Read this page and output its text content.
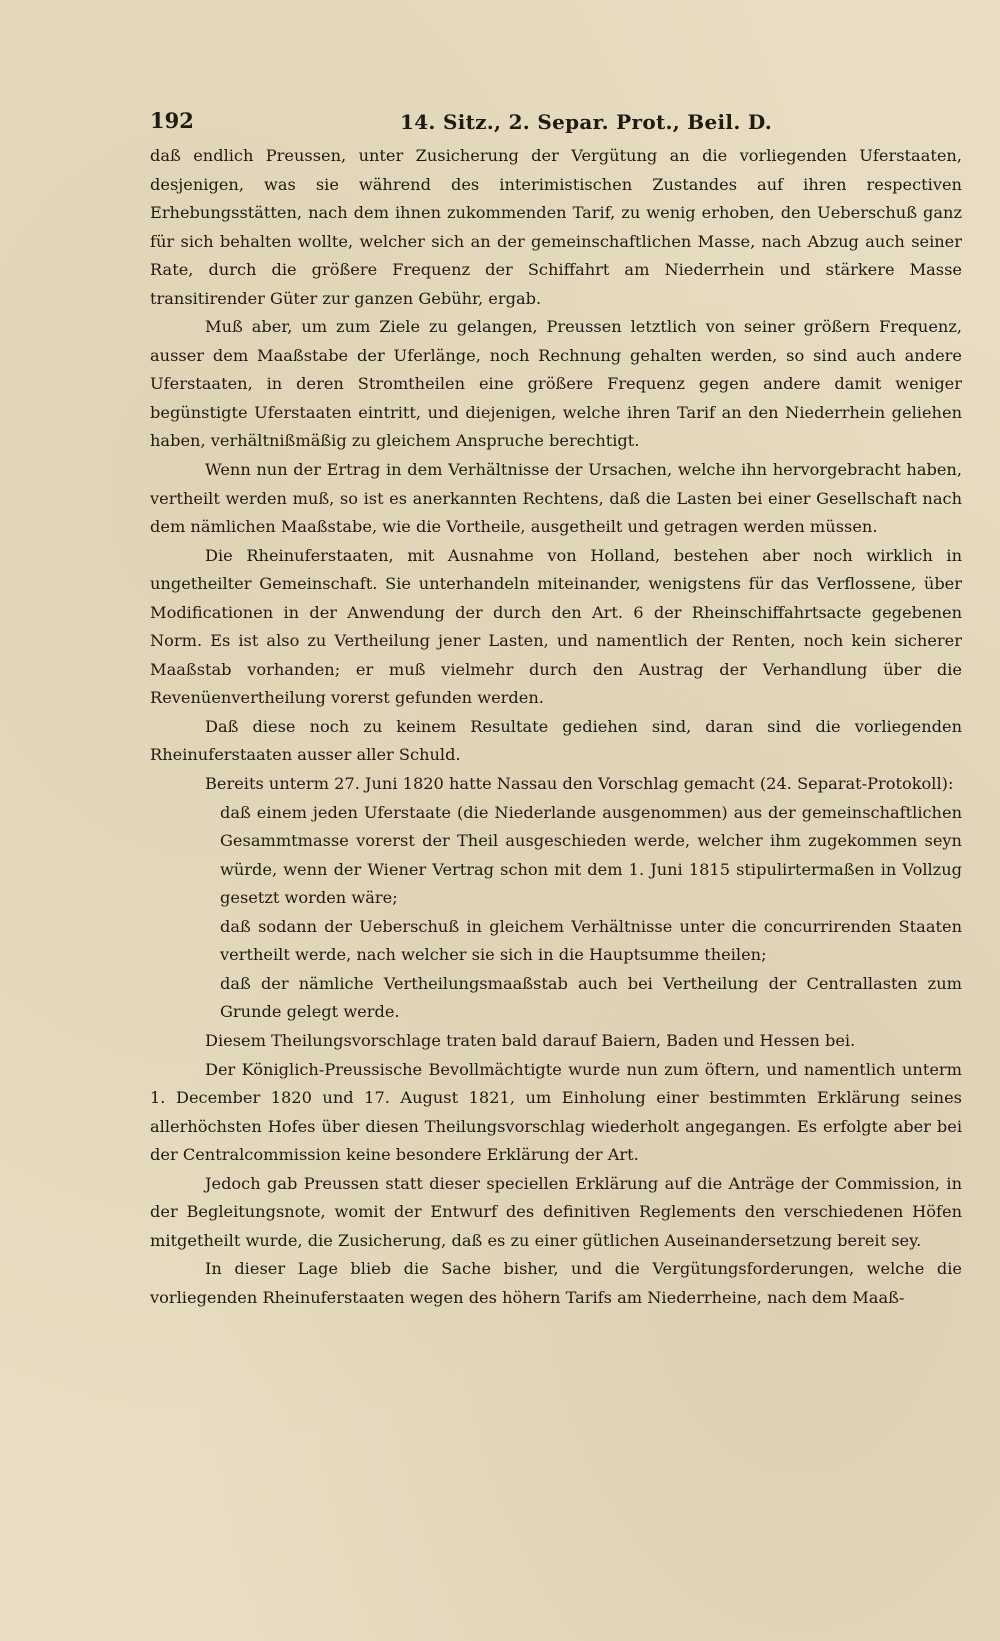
192	14. Sitz., 2. Separ. Prot., Beil. D.

daß endlich Preussen, unter Zusicherung der Vergütung an die vorliegenden Uferstaaten, desjenigen, was sie während des interimistischen Zustandes auf ihren respectiven Erhebungsstätten, nach dem ihnen zukommenden Tarif, zu wenig erhoben, den Ueberschuß ganz für sich behalten wollte, welcher sich an der gemeinschaftlichen Masse, nach Abzug auch seiner Rate, durch die größere Frequenz der Schiffahrt am Niederrhein und stärkere Masse transitirender Güter zur ganzen Gebühr, ergab.

Muß aber, um zum Ziele zu gelangen, Preussen letztlich von seiner größern Frequenz, ausser dem Maaßstabe der Uferlänge, noch Rechnung gehalten werden, so sind auch andere Uferstaaten, in deren Stromtheilen eine größere Frequenz gegen andere damit weniger begünstigte Uferstaaten eintritt, und diejenigen, welche ihren Tarif an den Niederrhein geliehen haben, verhältnißmäßig zu gleichem Anspruche berechtigt.

Wenn nun der Ertrag in dem Verhältnisse der Ursachen, welche ihn hervorgebracht haben, vertheilt werden muß, so ist es anerkannten Rechtens, daß die Lasten bei einer Gesellschaft nach dem nämlichen Maaßstabe, wie die Vortheile, ausgetheilt und getragen werden müssen.

Die Rheinuferstaaten, mit Ausnahme von Holland, bestehen aber noch wirklich in ungetheilter Gemeinschaft. Sie unterhandeln miteinander, wenigstens für das Verflossene, über Modificationen in der Anwendung der durch den Art. 6 der Rheinschiffahrtsacte gegebenen Norm. Es ist also zu Vertheilung jener Lasten, und namentlich der Renten, noch kein sicherer Maaßstab vorhanden; er muß vielmehr durch den Austrag der Verhandlung über die Revenüenvertheilung vorerst gefunden werden.

Daß diese noch zu keinem Resultate gediehen sind, daran sind die vorliegenden Rheinuferstaaten ausser aller Schuld.

Bereits unterm 27. Juni 1820 hatte Nassau den Vorschlag gemacht (24. Separat-Protokoll):

daß einem jeden Uferstaate (die Niederlande ausgenommen) aus der gemeinschaftlichen Gesammtmasse vorerst der Theil ausgeschieden werde, welcher ihm zugekommen seyn würde, wenn der Wiener Vertrag schon mit dem 1. Juni 1815 stipulirtermaßen in Vollzug gesetzt worden wäre;

daß sodann der Ueberschuß in gleichem Verhältnisse unter die concurrirenden Staaten vertheilt werde, nach welcher sie sich in die Hauptsumme theilen;

daß der nämliche Vertheilungsmaaßstab auch bei Vertheilung der Centrallasten zum Grunde gelegt werde.

Diesem Theilungsvorschlage traten bald darauf Baiern, Baden und Hessen bei.

Der Königlich-Preussische Bevollmächtigte wurde nun zum öftern, und namentlich unterm 1. December 1820 und 17. August 1821, um Einholung einer bestimmten Erklärung seines allerhöchsten Hofes über diesen Theilungsvorschlag wiederholt angegangen. Es erfolgte aber bei der Centralcommission keine besondere Erklärung der Art.

Jedoch gab Preussen statt dieser speciellen Erklärung auf die Anträge der Commission, in der Begleitungsnote, womit der Entwurf des definitiven Reglements den verschiedenen Höfen mitgetheilt wurde, die Zusicherung, daß es zu einer gütlichen Auseinandersetzung bereit sey.

In dieser Lage blieb die Sache bisher, und die Vergütungsforderungen, welche die vorliegenden Rheinuferstaaten wegen des höhern Tarifs am Niederrheine, nach dem Maaß-
